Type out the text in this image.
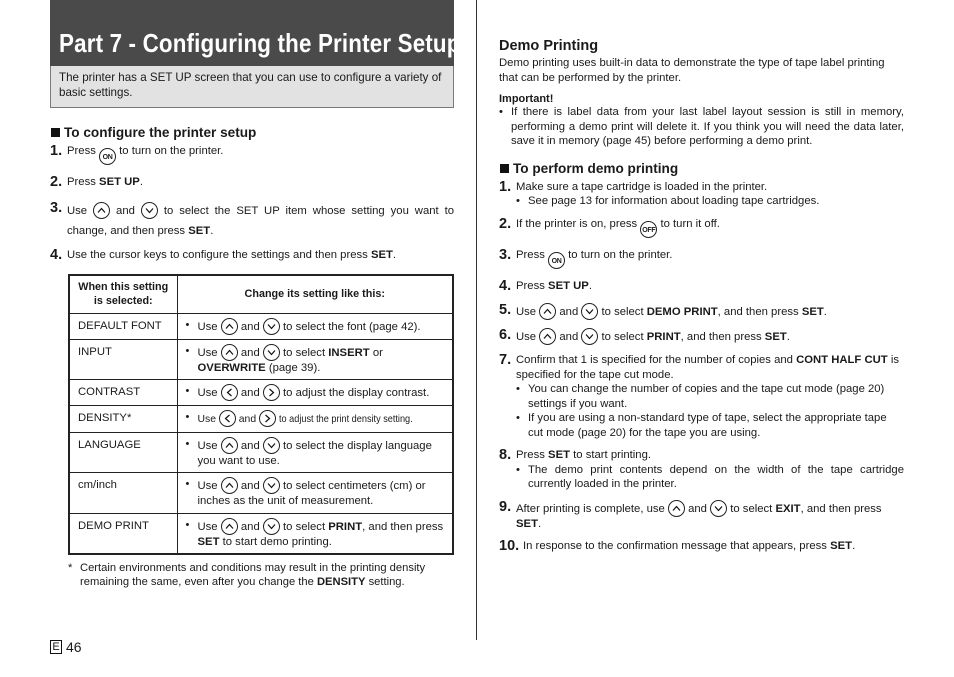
Part 7 - Configuring the Printer Setup
The printer has a SET UP screen that you can use to configure a variety of basic settings.
To configure the printer setup
1. Press ON to turn on the printer.
2. Press SET UP.
3. Use	and	to select the SET UP item whose setting you want to change, and then press SET.
4. Use the cursor keys to configure the settings and then press SET.
When this setting is selected:	Change its setting like this:
DEFAULT FONT	• Use and to select the font (page 42).

INPUT	• Use and to select INSERT or OVERWRITE (page 39).

CONTRAST	• Use and to adjust the display contrast.

DENSITY*	• Use and to adjust the print density setting.

LANGUAGE	• Use and to select the display language you want to use.

cm/inch	• Use and to select centimeters (cm) or inches as the unit of measurement.

DEMO PRINT	• Use and to select PRINT, and then press SET to start demo printing.
* Certain environments and conditions may result in the printing density remaining the same, even after you change the DENSITY setting.
E 46
Demo Printing
Demo printing uses built-in data to demonstrate the type of tape label printing that can be performed by the printer.
Important!
• If there is label data from your last label layout session is still in memory, performing a demo print will delete it. If you think you will need the data later, save it in memory (page 45) before performing a demo print.
To perform demo printing
1. Make sure a tape cartridge is loaded in the printer.
• See page 13 for information about loading tape cartridges.
2. If the printer is on, press OFF to turn it off.
3. Press ON to turn on the printer.
4. Press SET UP.
5. Use and to select DEMO PRINT, and then press SET.
6. Use and to select PRINT, and then press SET.
7. Confirm that 1 is specified for the number of copies and CONT HALF CUT is specified for the tape cut mode.
• You can change the number of copies and the tape cut mode (page 20) settings if you want.
• If you are using a non-standard type of tape, select the appropriate tape cut mode (page 20) for the tape you are using.
8. Press SET to start printing.
• The demo print contents depend on the width of the tape cartridge currently loaded in the printer.
9. After printing is complete, use and to select EXIT, and then press SET.
10. In response to the confirmation message that appears, press SET.
